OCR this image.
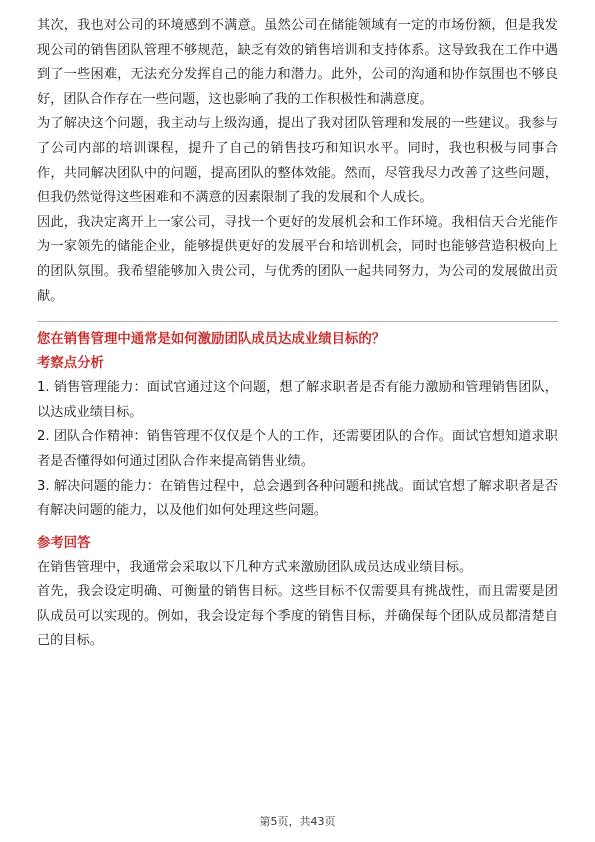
其次，我也对公司的环境感到不满意。虽然公司在储能领域有一定的市场份额，但是我发现公司的销售团队管理不够规范，缺乏有效的销售培训和支持体系。这导致我在工作中遇到了一些困难，无法充分发挥自己的能力和潜力。此外，公司的沟通和协作氛围也不够良好，团队合作存在一些问题，这也影响了我的工作积极性和满意度。

为了解决这个问题，我主动与上级沟通，提出了我对团队管理和发展的一些建议。我参与了公司内部的培训课程，提升了自己的销售技巧和知识水平。同时，我也积极与同事合作，共同解决团队中的问题，提高团队的整体效能。然而，尽管我尽力改善了这些问题，但我仍然觉得这些困难和不满意的因素限制了我的发展和个人成长。

因此，我决定离开上一家公司，寻找一个更好的发展机会和工作环境。我相信天合光能作为一家领先的储能企业，能够提供更好的发展平台和培训机会，同时也能够营造积极向上的团队氛围。我希望能够加入贵公司，与优秀的团队一起共同努力，为公司的发展做出贡献。

您在销售管理中通常是如何激励团队成员达成业绩目标的？
考察点分析

1. 销售管理能力：面试官通过这个问题，想了解求职者是否有能力激励和管理销售团队，以达成业绩目标。

2. 团队合作精神：销售管理不仅仅是个人的工作，还需要团队的合作。面试官想知道求职者是否懂得如何通过团队合作来提高销售业绩。

3. 解决问题的能力：在销售过程中，总会遇到各种问题和挑战。面试官想了解求职者是否有解决问题的能力，以及他们如何处理这些问题。

参考回答

在销售管理中，我通常会采取以下几种方式来激励团队成员达成业绩目标。

首先，我会设定明确、可衡量的销售目标。这些目标不仅需要具有挑战性，而且需要是团队成员可以实现的。例如，我会设定每个季度的销售目标，并确保每个团队成员都清楚自己的目标。

第5页，共43页
